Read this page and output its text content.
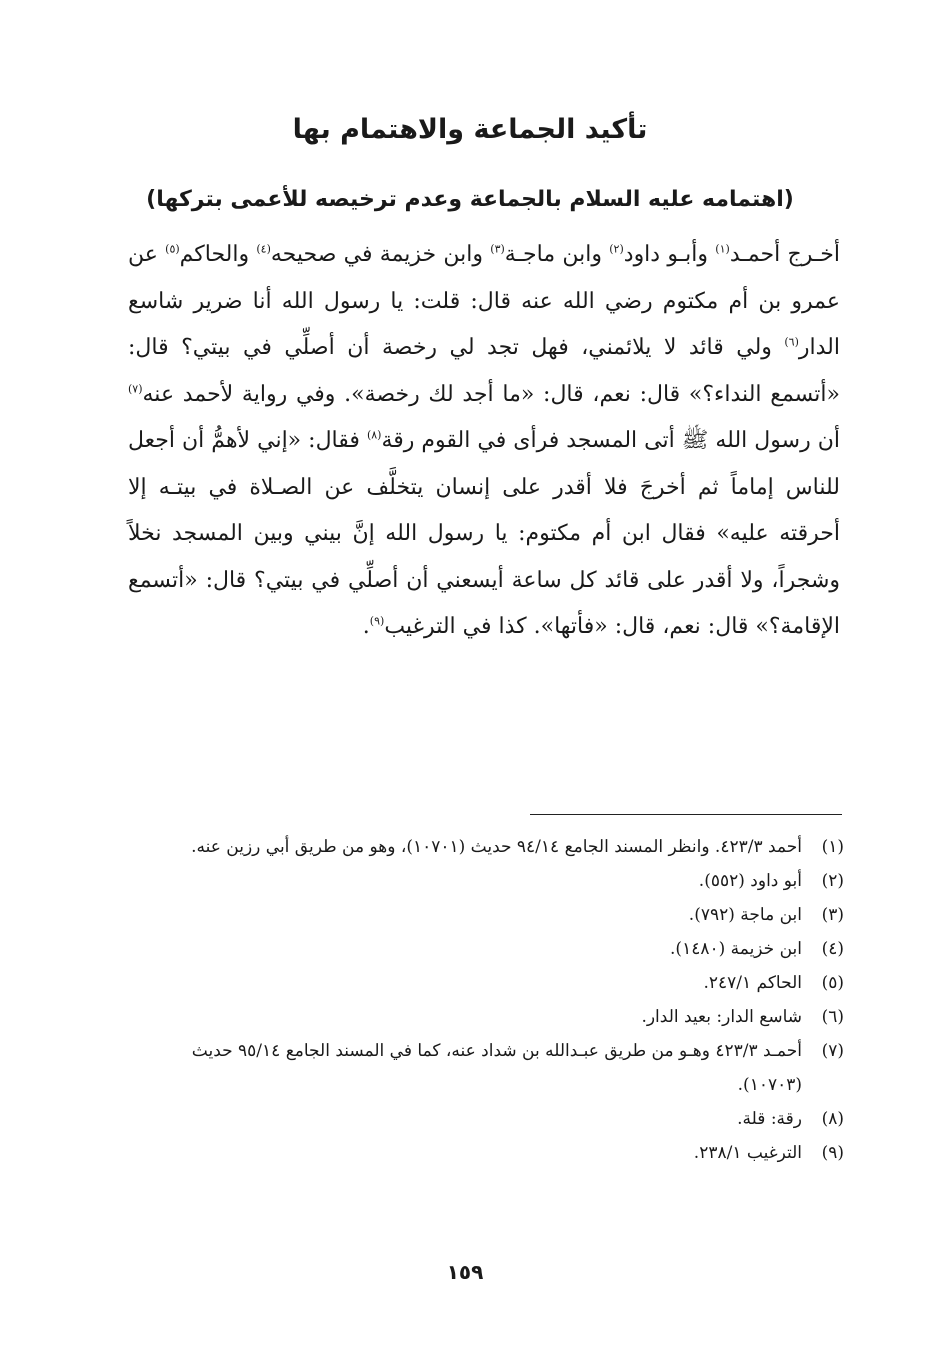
تأكيد الجماعة والاهتمام بها
(اهتمامه عليه السلام بالجماعة وعدم ترخيصه للأعمى بتركها)

أخـرج أحمـد$^{(١)}$ وأبـو داود$^{(٢)}$ وابن ماجـة$^{(٣)}$ وابن خزيمة في صحيحه$^{(٤)}$ والحاكم$^{(٥)}$ عن عمرو بن أم مكتوم رضي الله عنه قال: قلت: يا رسول الله أنا ضرير شاسع الدار$^{(٦)}$ ولي قائد لا يلائمني، فهل تجد لي رخصة أن أصلِّي في بيتي؟ قال: «أتسمع النداء؟» قال: نعم، قال: «ما أجد لك رخصة». وفي رواية لأحمد عنه$^{(٧)}$ أن رسول الله ﷺ أتى المسجد فرأى في القوم رقة$^{(٨)}$ فقال: «إني لأهمُّ أن أجعل للناس إماماً ثم أخرجَ فلا أقدر على إنسان يتخلَّف عن الصـلاة في بيتـه إلا أحرقته عليه» فقال ابن أم مكتوم: يا رسول الله إنَّ بيني وبين المسجد نخلاً وشجراً، ولا أقدر على قائد كل ساعة أيسعني أن أصلِّي في بيتي؟ قال: «أتسمع الإقامة؟» قال: نعم، قال: «فأتها». كذا في الترغيب$^{(٩)}$.

(١)
أحمد ٤٢٣/٣. وانظر المسند الجامع ٩٤/١٤ حديث (١٠٧٠١)، وهو من طريق أبي رزين عنه.
(٢)
أبو داود (٥٥٢).
(٣)
ابن ماجة (٧٩٢).
(٤)
ابن خزيمة (١٤٨٠).
(٥)
الحاكم ٢٤٧/١.
(٦)
شاسع الدار: بعيد الدار.
(٧)
أحمـد ٤٢٣/٣ وهـو من طريق عبـدالله بن شداد عنه، كما في المسند الجامع ٩٥/١٤ حديث (١٠٧٠٣).
(٨)
رقة: قلة.
(٩)
الترغيب ٢٣٨/١.
١٥٩
